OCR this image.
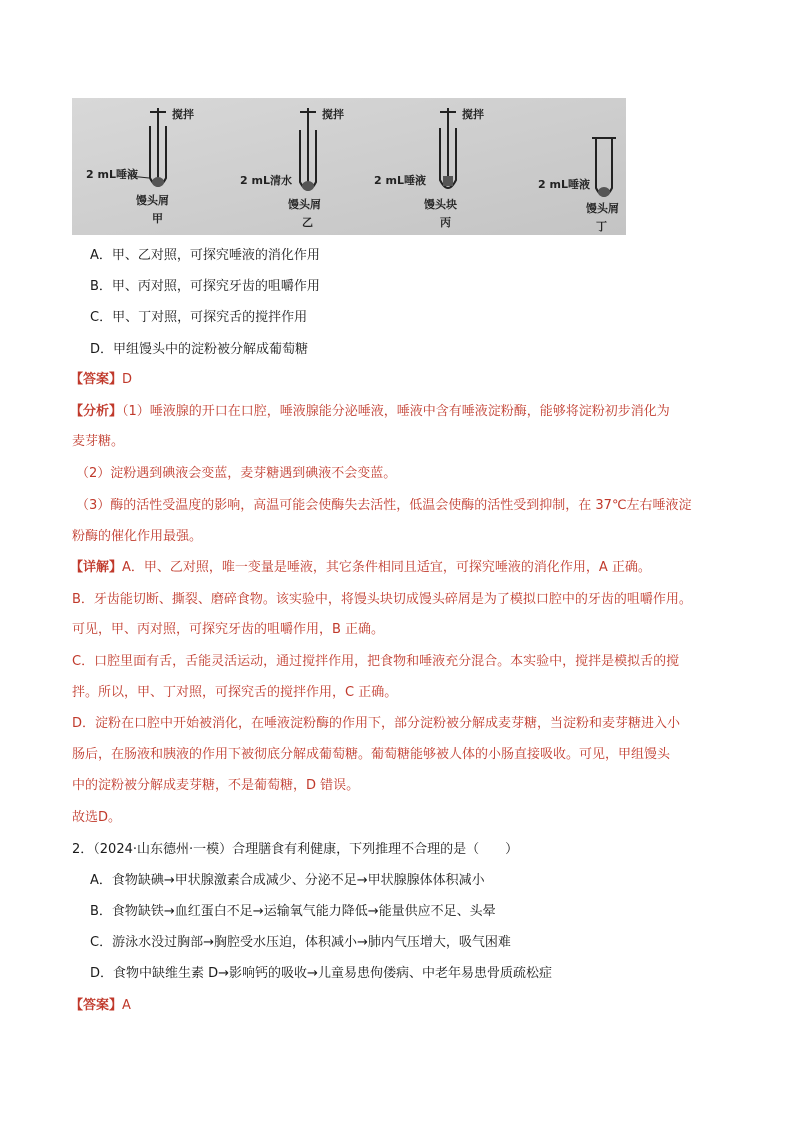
搅拌
2 mL唾液
馒头屑
甲
搅拌
2 mL清水
馒头屑
乙
搅拌
2 mL唾液
馒头块
丙
2 mL唾液
馒头屑
丁
A．甲、乙对照，可探究唾液的消化作用
B．甲、丙对照，可探究牙齿的咀嚼作用
C．甲、丁对照，可探究舌的搅拌作用
D．甲组馒头中的淀粉被分解成葡萄糖
【答案】D
【分析】（1）唾液腺的开口在口腔，唾液腺能分泌唾液，唾液中含有唾液淀粉酶，能够将淀粉初步消化为
麦芽糖。
（2）淀粉遇到碘液会变蓝，麦芽糖遇到碘液不会变蓝。
（3）酶的活性受温度的影响，高温可能会使酶失去活性，低温会使酶的活性受到抑制，在 37℃左右唾液淀
粉酶的催化作用最强。
【详解】A．甲、乙对照，唯一变量是唾液，其它条件相同且适宜，可探究唾液的消化作用，A 正确。
B．牙齿能切断、撕裂、磨碎食物。该实验中，将馒头块切成馒头碎屑是为了模拟口腔中的牙齿的咀嚼作用。
可见，甲、丙对照，可探究牙齿的咀嚼作用，B 正确。
C．口腔里面有舌，舌能灵活运动，通过搅拌作用，把食物和唾液充分混合。本实验中，搅拌是模拟舌的搅
拌。所以，甲、丁对照，可探究舌的搅拌作用，C 正确。
D．淀粉在口腔中开始被消化，在唾液淀粉酶的作用下，部分淀粉被分解成麦芽糖，当淀粉和麦芽糖进入小
肠后，在肠液和胰液的作用下被彻底分解成葡萄糖。葡萄糖能够被人体的小肠直接吸收。可见，甲组馒头
中的淀粉被分解成麦芽糖，不是葡萄糖，D 错误。
故选D。
2．（2024·山东德州·一模）合理膳食有利健康，下列推理不合理的是（　　）
A．食物缺碘→甲状腺激素合成减少、分泌不足→甲状腺腺体体积减小
B．食物缺铁→血红蛋白不足→运输氧气能力降低→能量供应不足、头晕
C．游泳水没过胸部→胸腔受水压迫，体积减小→肺内气压增大，吸气困难
D．食物中缺维生素 D→影响钙的吸收→儿童易患佝偻病、中老年易患骨质疏松症
【答案】A
